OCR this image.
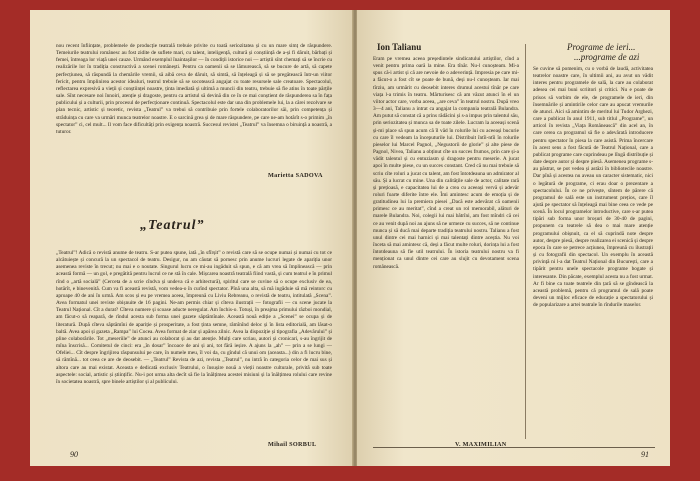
nou recent înființate, problemele de producție teatrală trebuie privite cu toată seriozitatea și cu un mare simț de răspundere. Temeiurile teatrului românesc au fost zidite de suflete mari, cu talent, inteligență, cultură și conștiință de a-și fi dăruit, bărbați și femei, întreaga lor viață unei cauze. Urmând exemplul înaintașilor — în condiții istorice noi — artiștii sînt chemați să se încrie cu realizările lor în tradiția constructivă a scenei românești. Pentru ca oamenii să se lămurească, să se bucure de artă, să capete perfecțiunea, să răspundă la chemările vremii, să aibă ceva de dăruit, să simtă, să înțeleagă și să se pregătească într-un viitor fericit, pentru împlinirea acestor idealuri, teatrul trebuie să se socotească angajat cu toate resursele sale creatoare. Spectacolul, reflectarea expresivă a vieții și conștiinței noastre, ținta imediată și ultimă a muncii din teatru, trebuie să fie atins în toate părțile sale. Sînt necesare noi înnoiri, atenție și dragoste, pentru ca artistul să devină din ce în ce mai conștient de răspunderea sa în fața publicului și a culturii, prin procesul de perfecționare continuă. Spectacolul este dar una din problemele lui, la a cărei rezolvare se plan tecnic, artistic și teoretic, revista „Teatrul” va trebui să contribuie prin fortele colaboratorilor săi, prin competența și străduința cu care va urmări munca teatrelor noastre. E o sarcină grea și de mare răspundere, pe care ne-am hotărît s-o primim „în spectator” ci, cel mult... Il vom face dificultăți prin exigența noastră. Succesul revistei „Teatrul” va însemna o biruință a noastră, a tuturor.
Marietta SADOVA
„Teatrul”
„Teatrul”! Adică o revistă anume de teatru. S-ar putea spune, iată „în sfîrșit” o revistă care să se ocupe numai și numai cu tot ce alcătuiește și concură la un spectacol de teatru. Desigur, nu am căutat să pornesc prin anume lucruri legate de apariția unor asemenea reviste în trecut; nu mai e o noutate. Singurul lucru ce mi-au ingăduit să spun, e că am vrea să împlinească — prin această formă — un gol, e pregătită pentru lucrul ce ne stă în cale. Mișcarea noastră teatrală fiind vastă, și cum teatrul e în primul rînd o „artă socială” (Cerceta de a scrie cîndva și undeva că e arhitectură), spiritul care se cuvine să o ocupe exclusiv de ea, hotărît, e binevenită. Cum va fi această revistă, vom vedea-o în curînd spectator. Pînă una alta, să mă ingăduie să mă reintorc cu aproape 40 de ani în urmă. Am scos și eu pe vremea aceea, împreună cu Liviu Rebreanu, o revistă de teatru, intitulată „Scena”. Avea formatul unei reviste obișnuite de 16 pagini. Ne-am permis chiar și cîteva ilustrații — fotografii — cu scene jucate la Teatrul Național. Cît a durat? Cîteva numere și scoase aducte neregulat. Am închis-o. Totuși, în preajma primului război mondial, am făcut-o să reapară, de rîndul acesta sub forma unei gazete săptămînale. Această nouă ediție a „Scenei” se ocupa și de literatură. După cîteva săptămîni de apariție și prosperitate, a fost ținta semne, rămînînd deloc și în lista editorială, am lăsat-o baltă. Avea apoi și gazeta „Rampa” lui Cocea. Avea format de ziar și apărea zilnic. Avea la dispoziție și tipografia „Adevărului” și pline colaborările. Tot „meseriile” de atunci au colaborat și au dat atenție. Mulți care scriau, autori și cronicari, s-au îngrijit de mîna înscrisă... Comitetul de cinci: era „în dosar” încoace de ani și ani, tot fără ieșire. A ajuns la „ah” — prin a se lungi — Ofeliei... Cît despre îngrijirea răspunsului pe care, în numele meu, îl voi da, cu gîndul că unui om (aceasta...) din a fi lucru bine, să rămînă... tot ceea ce are de deosebit. — „Teatrul” Revista de azi, revista „Teatrul”, nu intră în categoria celor de mai sus și altora care au mai existat. Aceasta e dedicată exclusiv Teatrului, o însușire nouă a vieții noastre culturale, privită sub toate aspectele: social, artistic și științific. Nu-i pot urma alta decît să fie la înălțimea acestei misiuni și la înălțimea rolului care revine în societatea noastră, spre binele artiștilor și al publicului.
Mihail SORBUL
90
Ion Talianu
Eram pe vremea aceea președintele sindicatului artiștilor, cînd a venit pentru prima oară la mine. Era tînăr. Nu-l cunoșteam. Mi-a spus că-i artist și că are nevoie de o adeverință. Impresia pe care mi-a făcut-o a fost cît se poate de bună, deși nu-l cunoșteam. Iar mai tîrziu, am urmărit cu deosebit interes drumul acestui tînăr pe care viața l-a trimis în teatru. Mărturisesc că am văzut atunci în el un viitor actor care, vorba aceea, „are ceva” în teatrul nostru. După vreo 3—4 ani, Talianu a intrat ca angajat la compania teatrală Bulandra. Am putut să constat că a prins rădăcini și s-a impus prin talentul său, prin seriozitatea și munca sa de toate zilele. Lucram la aceeași scenă și-mi place să spun acum că îl văd în rolurile lui cu aceeași bucurie cu care îl vedeam la începuturile lui. Distribuit întîi-ntîi în rolurile pieselor lui Marcel Pagnol, „Negustorii de glorie” și alte piese de Pagnol, Nivea, Talianu a obținut cîte un succes frumos, prin care și-a vădit talentul și cu entuziasm și dragoste pentru meserie. A jucat apoi în multe piese, cu un succes constant. Cred că nu mai trebuie să scriu cîte roluri a jucat cu talent, am fost întotdeauna un admirator al său. Și a lucrat cu mine. Una din calitățile sale de actor, calitate rară și prețioasă, e capacitatea lui de a crea cu aceeași vervă și adevăr roluri foarte diferite între ele. Îmi amintesc acum de emoția și de gratitudinea lui la premiera piesei „Dacă este adevărat că oamenii primesc ce au meritat”, cînd a creat un rol memorabil, alături de marele Bulandra. Noi, colegii lui mai bătrîni, am fost mîndri că cei ce au venit după noi au ajuns să ne urmeze cu succes, să ne continue munca și să ducă mai departe tradiția teatrului nostru. Talianu a fost unul dintre cei mai harnici și mai talentați dintre aceștia. Nu voi înceta să mai amintesc că, deși a făcut multe roluri, dorința lui a fost întotdeauna să fie util teatrului. În istoria teatrului nostru va fi menționat ca unul dintre cei care au slujit cu devotament scena românească.
V. MAXIMILIAN
Programe de ieri...
...programe de azi
Se cuvine să pomenim, cu o vorbă de laudă, activitatea teatrelor noastre care, în ultimii ani, au avut un vădit interes pentru programele de sală, la care au colaborat adesea cei mai buni scriitori și critici. Nu e poate de prisos să vorbim de ele, de programele de ieri, din însemnările și amintirile celor care au apucat vremurile de atunci. Aici să amintim de meritul lui Tudor Arghezi, care a publicat în anul 1911, sub titlul „Programe”, un articol în revista „Viața Românească” din acel an, în care cerea ca programul să fie o adevărată introducere pentru spectator în piesa la care asistă. Prima încercare în acest sens a fost făcută de Teatrul Național, care a publicat programe care cuprindeau pe lîngă distribuție și date despre autor și despre piesă. Asemenea programe s-au păstrat, se pot vedea și astăzi în bibliotecile noastre. Dar pînă și acestea nu aveau un caracter sistematic, nici o legătură de programe, ci erau doar o prezentare a spectacolului. În ce ne privește, sîntem de părere că programul de sală este un instrument prețios, care îl ajută pe spectator să înțeleagă mai bine ceea ce vede pe scenă. În locul programelor introductive, care s-ar putea tipări sub forma unor broșuri de 30-40 de pagini, propunem ca teatrele să dea o mai mare atenție programului obișnuit, ca el să cuprindă note despre autor, despre piesă, despre realizarea ei scenică și despre epoca în care se petrece acțiunea, împreună cu ilustrații și cu fotografii din spectacol. Un exemplu în această privință ni l-a dat Teatrul Național din București, care a tipărit pentru unele spectacole programe bogate și interesante. Din păcate, exemplul acesta nu a fost urmat. Ar fi bine ca toate teatrele din țară să se gîndească la această problemă, pentru că programul de sală poate deveni un mijloc eficace de educație a spectatorului și de popularizare a artei teatrale în rîndurile maselor.
91
